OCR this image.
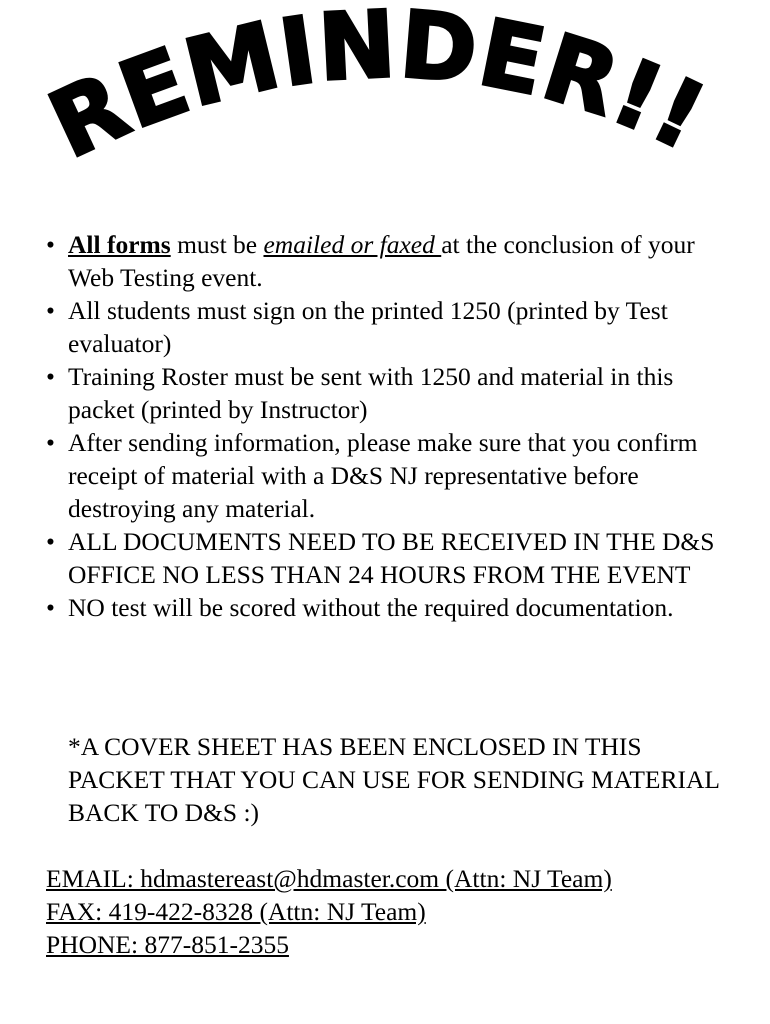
REMINDER!!
• All forms must be emailed or faxed at the conclusion of your Web Testing event.
• All students must sign on the printed 1250 (printed by Test evaluator)
• Training Roster must be sent with 1250 and material in this packet (printed by Instructor)
• After sending information, please make sure that you confirm receipt of material with a D&S NJ representative before destroying any material.
• ALL DOCUMENTS NEED TO BE RECEIVED IN THE D&S OFFICE NO LESS THAN 24 HOURS FROM THE EVENT
• NO test will be scored without the required documentation.

*A COVER SHEET HAS BEEN ENCLOSED IN THIS PACKET THAT YOU CAN USE FOR SENDING MATERIAL BACK TO D&S :)

EMAIL: hdmastereast@hdmaster.com (Attn: NJ Team)
FAX: 419-422-8328 (Attn: NJ Team)
PHONE: 877-851-2355
